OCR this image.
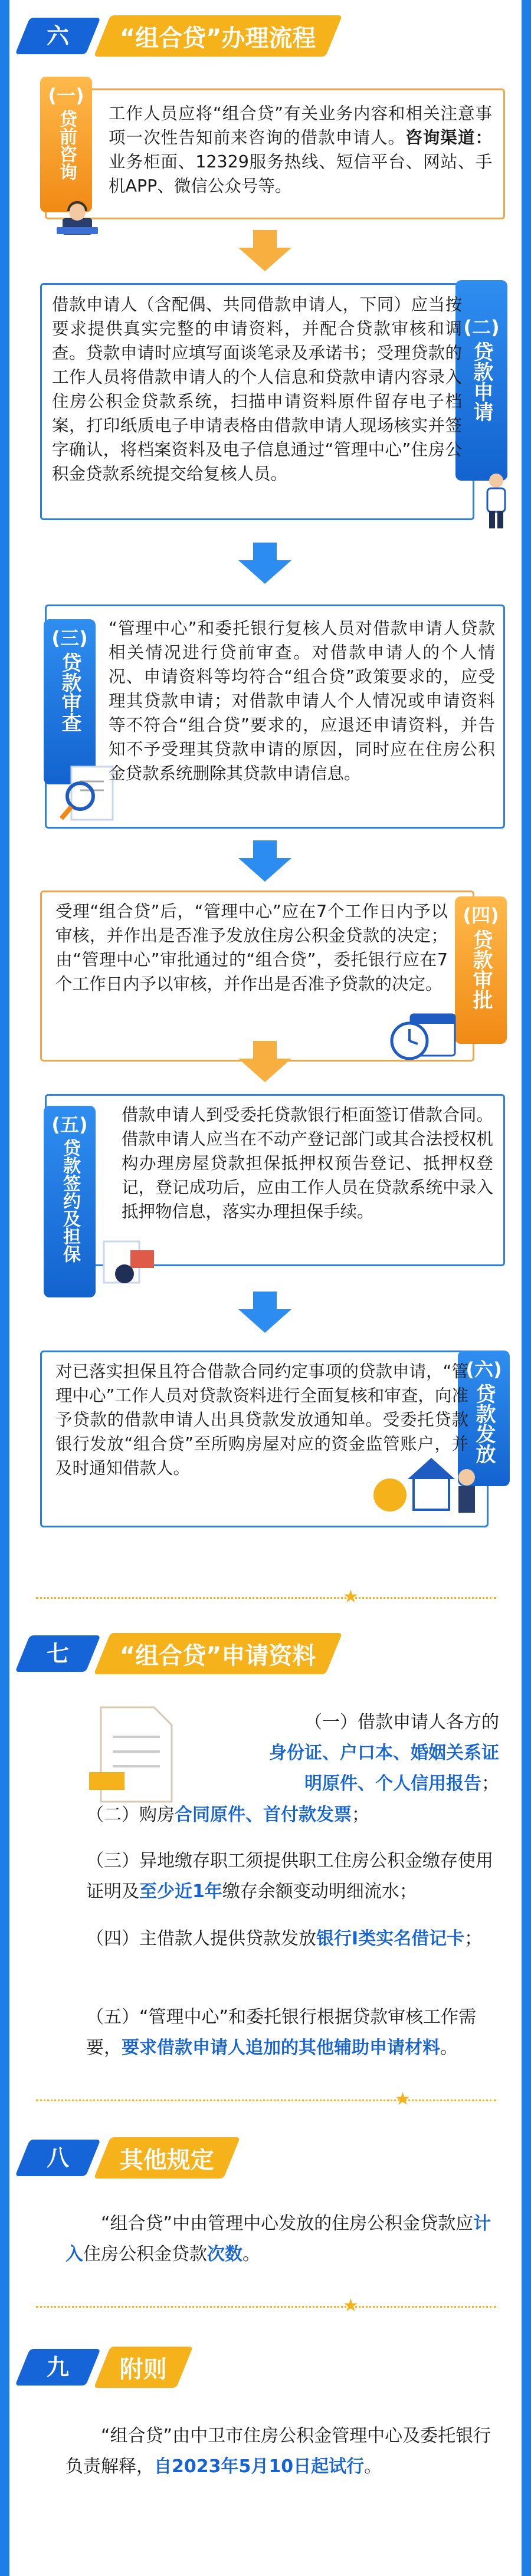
六	“组合贷”办理流程
(一)
贷前咨询 工作人员应将“组合贷”有关业务内容和相关注意事项一次性告知前来咨询的借款申请人。咨询渠道：业务柜面、12329服务热线、短信平台、网站、手机APP、微信公众号等。
(二)
贷款申请
借款申请人（含配偶、共同借款申请人，下同）应当按要求提供真实完整的申请资料，并配合贷款审核和调查。贷款申请时应填写面谈笔录及承诺书；受理贷款的工作人员将借款申请人的个人信息和贷款申请内容录入住房公积金贷款系统，扫描申请资料原件留存电子档案，打印纸质电子申请表格由借款申请人现场核实并签字确认，将档案资料及电子信息通过“管理中心”住房公积金贷款系统提交给复核人员。
(三)
贷款审查
“管理中心”和委托银行复核人员对借款申请人贷款相关情况进行贷前审查。对借款申请人的个人情况、申请资料等均符合“组合贷”政策要求的，应受理其贷款申请；对借款申请人个人情况或申请资料等不符合“组合贷”要求的，应退还申请资料，并告知不予受理其贷款申请的原因，同时应在住房公积金贷款系统删除其贷款申请信息。
(四)
贷款审批
受理“组合贷”后，“管理中心”应在7个工作日内予以审核，并作出是否准予发放住房公积金贷款的决定；由“管理中心”审批通过的“组合贷”，委托银行应在7个工作日内予以审核，并作出是否准予贷款的决定。
(五)
贷款签约及担保
借款申请人到受委托贷款银行柜面签订借款合同。借款申请人应当在不动产登记部门或其合法授权机构办理房屋贷款担保抵押权预告登记、抵押权登记，登记成功后，应由工作人员在贷款系统中录入抵押物信息，落实办理担保手续。
(六)
贷款发放
对已落实担保且符合借款合同约定事项的贷款申请，“管理中心”工作人员对贷款资料进行全面复核和审查，向准予贷款的借款申请人出具贷款发放通知单。受委托贷款银行发放“组合贷”至所购房屋对应的资金监管账户，并及时通知借款人。
★
七	“组合贷”申请资料
（一）借款申请人各方的
身份证、户口本、婚姻关系证
明原件、个人信用报告；
（二）购房合同原件、首付款发票；
（三）异地缴存职工须提供职工住房公积金缴存使用证明及至少近1年缴存余额变动明细流水；
（四）主借款人提供贷款发放银行Ⅰ类实名借记卡；
（五）“管理中心”和委托银行根据贷款审核工作需要，要求借款申请人追加的其他辅助申请材料。
★
八	其他规定
“组合贷”中由管理中心发放的住房公积金贷款应计入住房公积金贷款次数。
★
九	附则
“组合贷”由中卫市住房公积金管理中心及委托银行负责解释，自2023年5月10日起试行。
